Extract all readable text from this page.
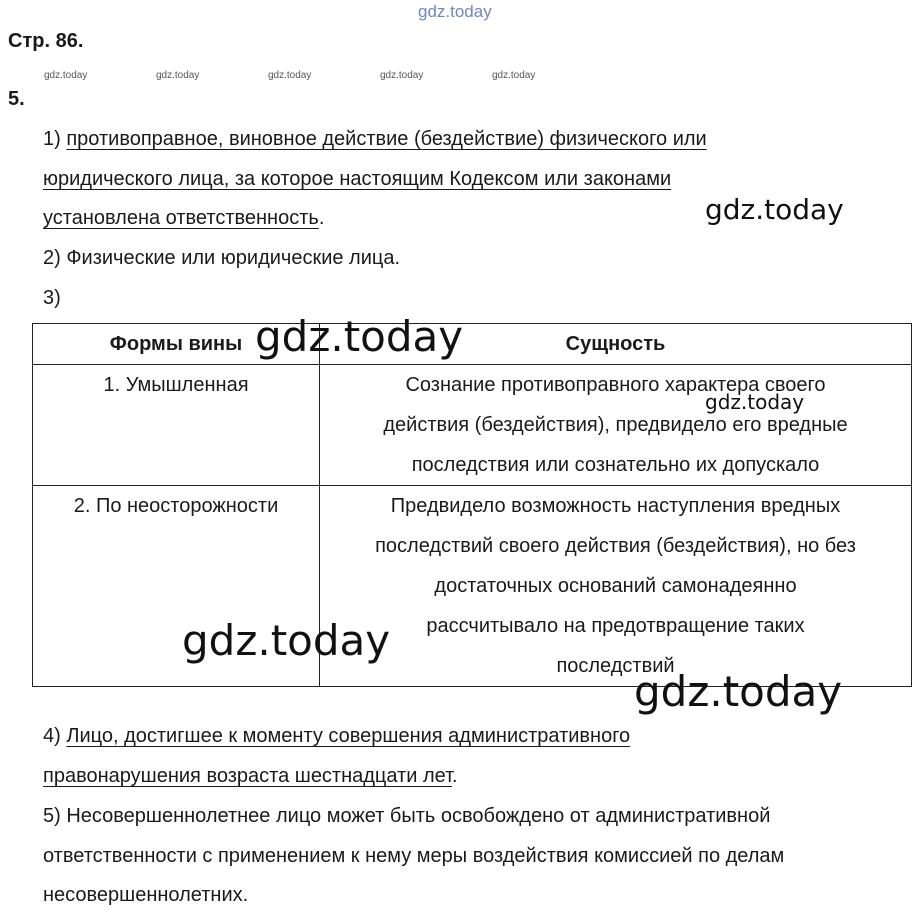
gdz.today
Стр. 86.
gdz.today	gdz.today	gdz.today	gdz.today	gdz.today
5.
1) противоправное, виновное действие (бездействие) физического или
юридического лица, за которое настоящим Кодексом или законами
установлена ответственность.	gdz.today
2) Физические или юридические лица.
3)
Формы вины	Сущность
1. Умышленная	Сознание противоправного характера своего
действия (бездействия), предвидело его вредные
последствия или сознательно их допускало

2. По неосторожности	Предвидело возможность наступления вредных
последствий своего действия (бездействия), но без
достаточных оснований самонадеянно
рассчитывало на предотвращение таких
последствий
gdz.today
gdz.today
gdz.today
gdz.today
4) Лицо, достигшее к моменту совершения административного
правонарушения возраста шестнадцати лет.
5) Несовершеннолетнее лицо может быть освобождено от административной
ответственности с применением к нему меры воздействия комиссией по делам
несовершеннолетних.
